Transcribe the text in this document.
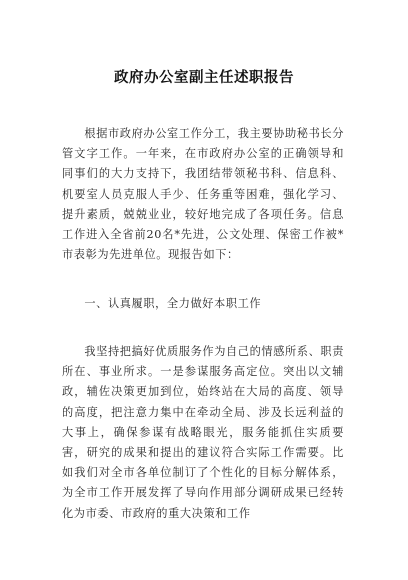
政府办公室副主任述职报告
根据市政府办公室工作分工，我主要协助秘书长分管文字工作。一年来，在市政府办公室的正确领导和同事们的大力支持下，我团结带领秘书科、信息科、机要室人员克服人手少、任务重等困难，强化学习、提升素质，兢兢业业，较好地完成了各项任务。信息工作进入全省前20名*先进，公文处理、保密工作被*市表彰为先进单位。现报告如下：
一、认真履职，全力做好本职工作
我坚持把搞好优质服务作为自己的情感所系、职责所在、事业所求。一是参谋服务高定位。突出以文辅政，辅佐决策更加到位，始终站在大局的高度、领导的高度，把注意力集中在牵动全局、涉及长远利益的大事上，确保参谋有战略眼光，服务能抓住实质要害，研究的成果和提出的建议符合实际工作需要。比如我们对全市各单位制订了个性化的目标分解体系，为全市工作开展发挥了导向作用部分调研成果已经转化为市委、市政府的重大决策和工作
